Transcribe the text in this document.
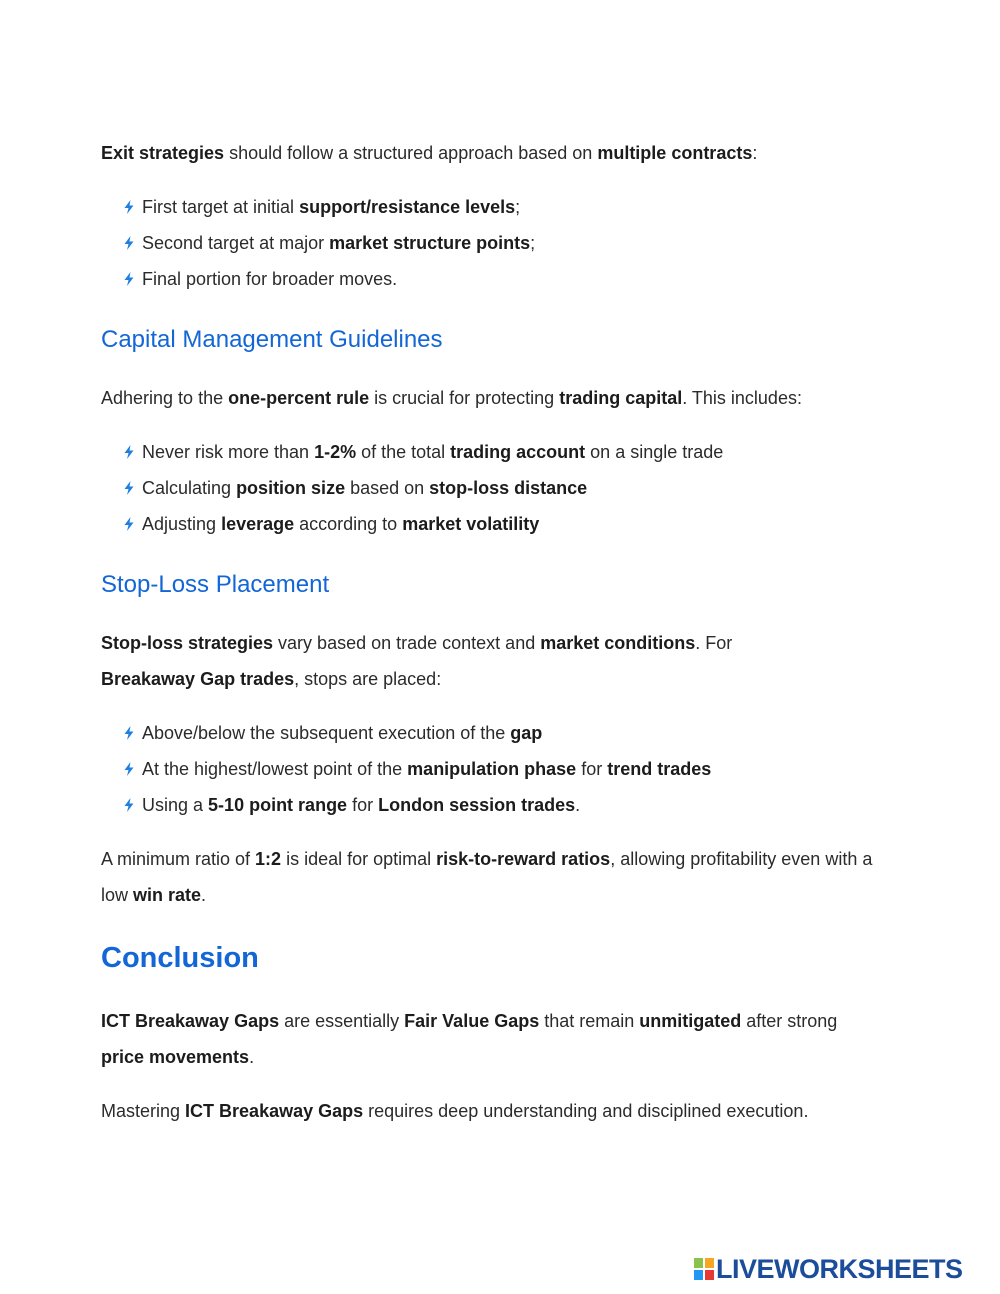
Exit strategies should follow a structured approach based on multiple contracts:

First target at initial support/resistance levels;
Second target at major market structure points;
Final portion for broader moves.
Capital Management Guidelines

Adhering to the one-percent rule is crucial for protecting trading capital. This includes:

Never risk more than 1-2% of the total trading account on a single trade
Calculating position size based on stop-loss distance
Adjusting leverage according to market volatility
Stop-Loss Placement

Stop-loss strategies vary based on trade context and market conditions. For Breakaway Gap trades, stops are placed:

Above/below the subsequent execution of the gap
At the highest/lowest point of the manipulation phase for trend trades
Using a 5-10 point range for London session trades.

A minimum ratio of 1:2 is ideal for optimal risk-to-reward ratios, allowing profitability even with a low win rate.

Conclusion

ICT Breakaway Gaps are essentially Fair Value Gaps that remain unmitigated after strong price movements.

Mastering ICT Breakaway Gaps requires deep understanding and disciplined execution.

LIVEWORKSHEETS
